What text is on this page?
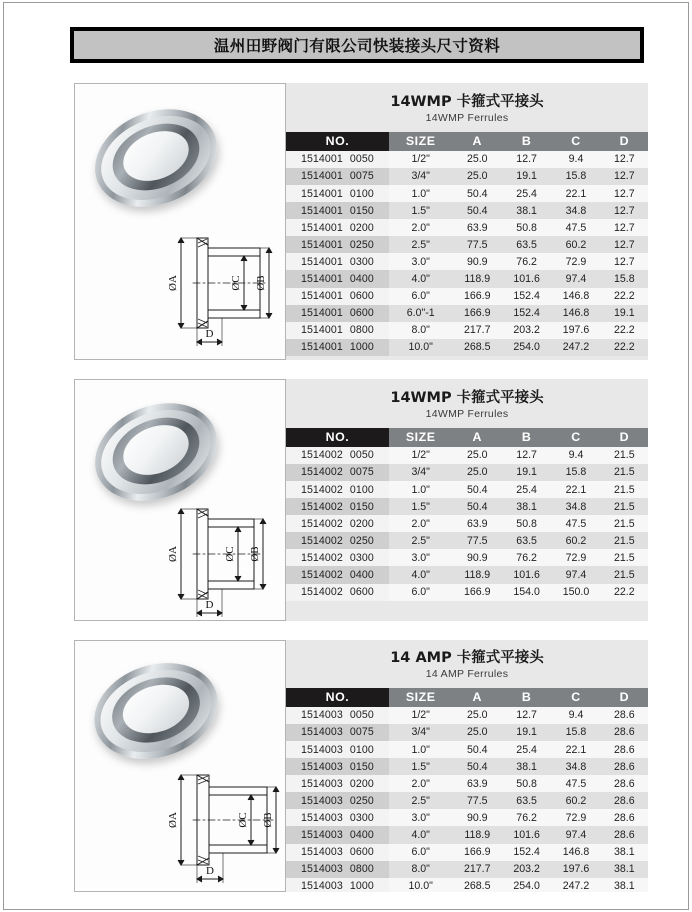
温州田野阀门有限公司快装接头尺寸资料
ØA	ØC ØB
D
14WMP 卡箍式平接头
14WMP Ferrules
NO.	SIZE	A	B	C	D
1514001 0050	1/2"	25.0	12.7	9.4	12.7
1514001 0075	3/4"	25.0	19.1	15.8	12.7
1514001 0100	1.0"	50.4	25.4	22.1	12.7
1514001 0150	1.5"	50.4	38.1	34.8	12.7
1514001 0200	2.0"	63.9	50.8	47.5	12.7
1514001 0250	2.5"	77.5	63.5	60.2	12.7
1514001 0300	3.0"	90.9	76.2	72.9	12.7
1514001 0400	4.0"	118.9	101.6	97.4	15.8
1514001 0600	6.0"	166.9	152.4	146.8	22.2
1514001 0600	6.0"-1	166.9	152.4	146.8	19.1
1514001 0800	8.0"	217.7	203.2	197.6	22.2
1514001 1000	10.0"	268.5	254.0	247.2	22.2
ØA	ØC ØB
D
14WMP 卡箍式平接头
14WMP Ferrules
NO.	SIZE	A	B	C	D
1514002 0050	1/2"	25.0	12.7	9.4	21.5
1514002 0075	3/4"	25.0	19.1	15.8	21.5
1514002 0100	1.0"	50.4	25.4	22.1	21.5
1514002 0150	1.5"	50.4	38.1	34.8	21.5
1514002 0200	2.0"	63.9	50.8	47.5	21.5
1514002 0250	2.5"	77.5	63.5	60.2	21.5
1514002 0300	3.0"	90.9	76.2	72.9	21.5
1514002 0400	4.0"	118.9	101.6	97.4	21.5
1514002 0600	6.0"	166.9	154.0	150.0	22.2
ØA	ØC ØB
D
14 AMP 卡箍式平接头
14 AMP Ferrules
NO.	SIZE	A	B	C	D
1514003 0050	1/2"	25.0	12.7	9.4	28.6
1514003 0075	3/4"	25.0	19.1	15.8	28.6
1514003 0100	1.0"	50.4	25.4	22.1	28.6
1514003 0150	1.5"	50.4	38.1	34.8	28.6
1514003 0200	2.0"	63.9	50.8	47.5	28.6
1514003 0250	2.5"	77.5	63.5	60.2	28.6
1514003 0300	3.0"	90.9	76.2	72.9	28.6
1514003 0400	4.0"	118.9	101.6	97.4	28.6
1514003 0600	6.0"	166.9	152.4	146.8	38.1
1514003 0800	8.0"	217.7	203.2	197.6	38.1
1514003 1000	10.0"	268.5	254.0	247.2	38.1
